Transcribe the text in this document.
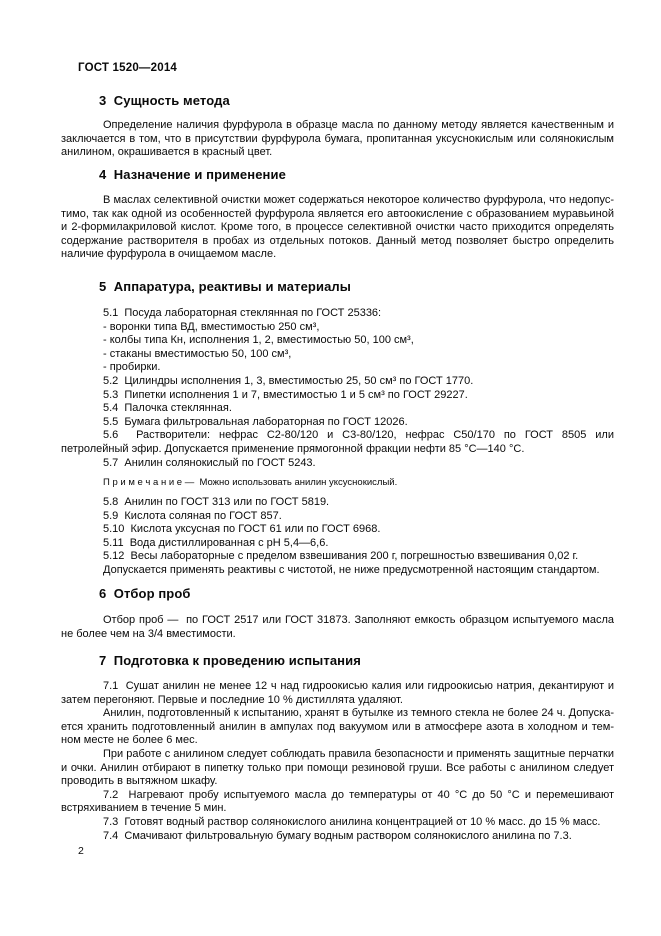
ГОСТ 1520—2014
3  Сущность метода

Определение наличия фурфурола в образце масла по данному методу является качественным и заключается в том, что в присутствии фурфурола бумага, пропитанная уксуснокислым или солянокислым анилином, окрашивается в красный цвет.

4  Назначение и применение

В маслах селективной очистки может содержаться некоторое количество фурфурола, что недопустимо, так как одной из особенностей фурфурола является его автоокисление с образованием муравьиной и 2-формилакриловой кислот. Кроме того, в процессе селективной очистки часто приходится определять содержание растворителя в пробах из отдельных потоков. Данный метод позволяет быстро определить наличие фурфурола в очищаемом масле.

5  Аппаратура, реактивы и материалы

5.1  Посуда лабораторная стеклянная по ГОСТ 25336:

- воронки типа ВД, вместимостью 250 см³,

- колбы типа Кн, исполнения 1, 2, вместимостью 50, 100 см³,

- стаканы вместимостью 50, 100 см³,

- пробирки.

5.2  Цилиндры исполнения 1, 3, вместимостью 25, 50 см³ по ГОСТ 1770.

5.3  Пипетки исполнения 1 и 7, вместимостью 1 и 5 см³ по ГОСТ 29227.

5.4  Палочка стеклянная.

5.5  Бумага фильтровальная лабораторная по ГОСТ 12026.

5.6  Растворители: нефрас С2-80/120 и С3-80/120, нефрас С50/170 по ГОСТ 8505 или петролейный эфир. Допускается применение прямогонной фракции нефти 85 °С—140 °С.

5.7  Анилин солянокислый по ГОСТ 5243.

П р и м е ч а н и е —  Можно использовать анилин уксуснокислый.

5.8  Анилин по ГОСТ 313 или по ГОСТ 5819.

5.9  Кислота соляная по ГОСТ 857.

5.10  Кислота уксусная по ГОСТ 61 или по ГОСТ 6968.

5.11  Вода дистиллированная с рН 5,4—6,6.

5.12  Весы лабораторные с пределом взвешивания 200 г, погрешностью взвешивания 0,02 г.

Допускается применять реактивы с чистотой, не ниже предусмотренной настоящим стандартом.

6  Отбор проб

Отбор проб —  по ГОСТ 2517 или ГОСТ 31873. Заполняют емкость образцом испытуемого масла не более чем на 3/4 вместимости.

7  Подготовка к проведению испытания

7.1  Сушат анилин не менее 12 ч над гидроокисью калия или гидроокисью натрия, декантируют и затем перегоняют. Первые и последние 10 % дистиллята удаляют.

Анилин, подготовленный к испытанию, хранят в бутылке из темного стекла не более 24 ч. Допускается хранить подготовленный анилин в ампулах под вакуумом или в атмосфере азота в холодном и темном месте не более 6 мес.

При работе с анилином следует соблюдать правила безопасности и применять защитные перчатки и очки. Анилин отбирают в пипетку только при помощи резиновой груши. Все работы с анилином следует проводить в вытяжном шкафу.

7.2  Нагревают пробу испытуемого масла до температуры от 40 °С до 50 °С и перемешивают встряхиванием в течение 5 мин.

7.3  Готовят водный раствор солянокислого анилина концентрацией от 10 % масс. до 15 % масс.

7.4  Смачивают фильтровальную бумагу водным раствором солянокислого анилина по 7.3.

2
